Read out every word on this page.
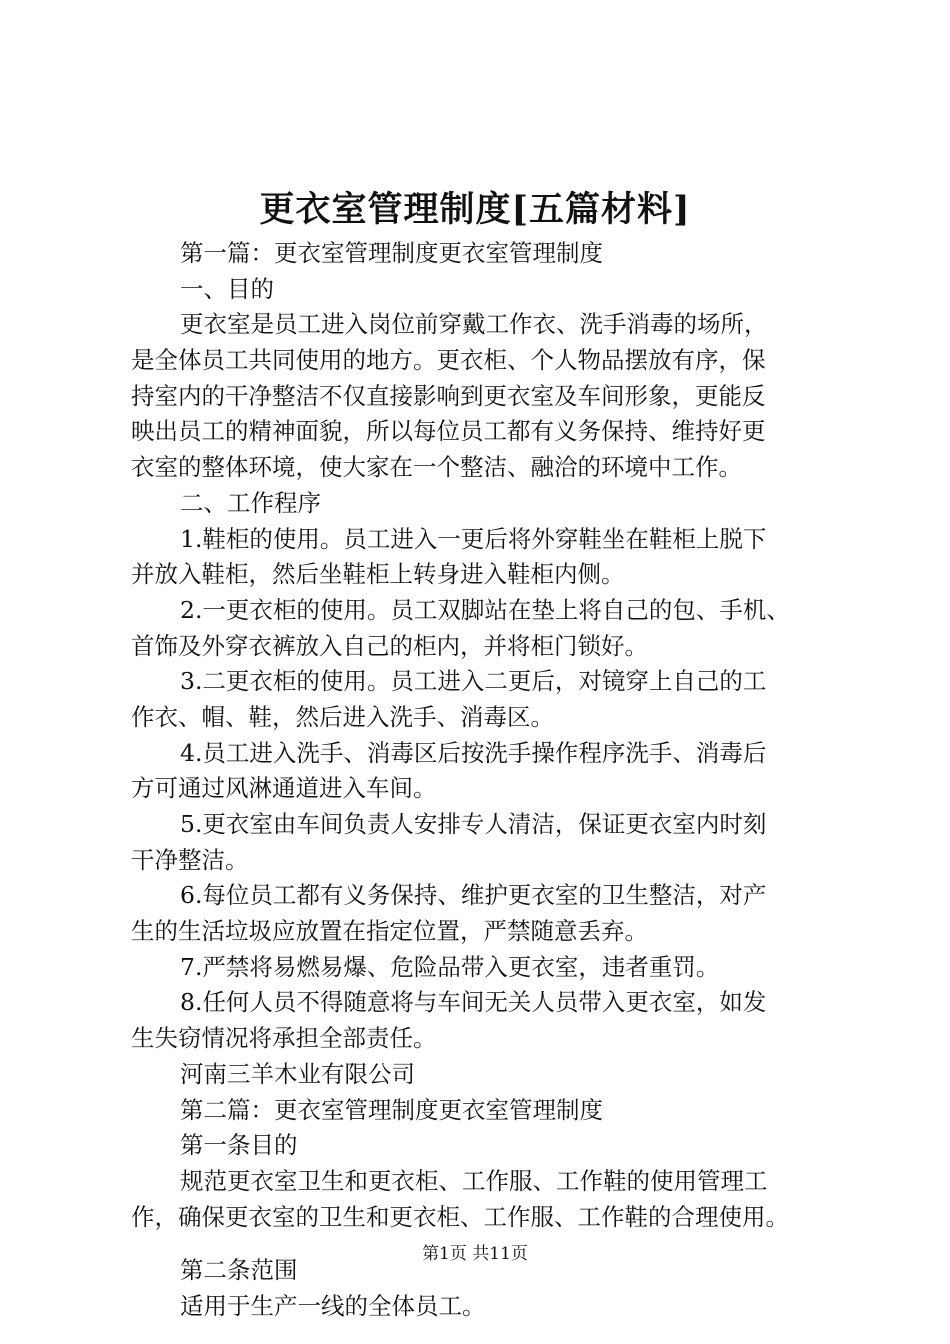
更衣室管理制度[五篇材料]
第一篇：更衣室管理制度更衣室管理制度
一、目的
更衣室是员工进入岗位前穿戴工作衣、洗手消毒的场所，
是全体员工共同使用的地方。更衣柜、个人物品摆放有序，保
持室内的干净整洁不仅直接影响到更衣室及车间形象，更能反
映出员工的精神面貌，所以每位员工都有义务保持、维持好更
衣室的整体环境，使大家在一个整洁、融洽的环境中工作。
二、工作程序
1.鞋柜的使用。员工进入一更后将外穿鞋坐在鞋柜上脱下
并放入鞋柜，然后坐鞋柜上转身进入鞋柜内侧。
2.一更衣柜的使用。员工双脚站在垫上将自己的包、手机、
首饰及外穿衣裤放入自己的柜内，并将柜门锁好。
3.二更衣柜的使用。员工进入二更后，对镜穿上自己的工
作衣、帽、鞋，然后进入洗手、消毒区。
4.员工进入洗手、消毒区后按洗手操作程序洗手、消毒后
方可通过风淋通道进入车间。
5.更衣室由车间负责人安排专人清洁，保证更衣室内时刻
干净整洁。
6.每位员工都有义务保持、维护更衣室的卫生整洁，对产
生的生活垃圾应放置在指定位置，严禁随意丢弃。
7.严禁将易燃易爆、危险品带入更衣室，违者重罚。
8.任何人员不得随意将与车间无关人员带入更衣室，如发
生失窃情况将承担全部责任。
河南三羊木业有限公司
第二篇：更衣室管理制度更衣室管理制度
第一条目的
规范更衣室卫生和更衣柜、工作服、工作鞋的使用管理工
作，确保更衣室的卫生和更衣柜、工作服、工作鞋的合理使用。
第二条范围
适用于生产一线的全体员工。
第1页 共11页
